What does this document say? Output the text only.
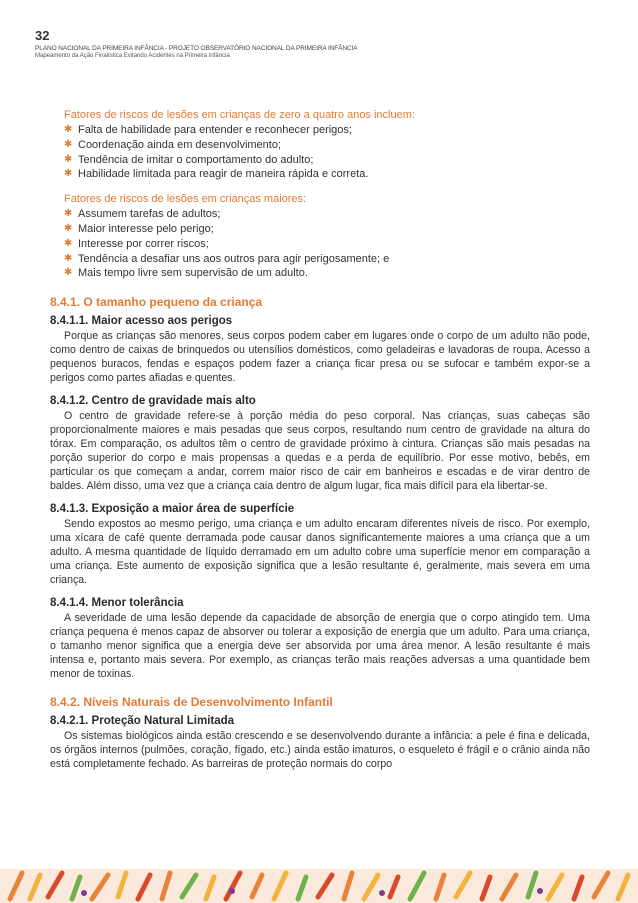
32
PLANO NACIONAL DA PRIMEIRA INFÂNCIA - PROJETO OBSERVATÓRIO NACIONAL DA PRIMEIRA INFÂNCIA
Mapeamento da Ação Finalística Evitando Acidentes na Primeira Infância

Fatores de riscos de lesões em crianças de zero a quatro anos incluem:

✱ Falta de habilidade para entender e reconhecer perigos;
✱ Coordenação ainda em desenvolvimento;
✱ Tendência de imitar o comportamento do adulto;
✱ Habilidade limitada para reagir de maneira rápida e correta.

Fatores de riscos de lesões em crianças maiores:

✱ Assumem tarefas de adultos;
✱ Maior interesse pelo perigo;
✱ Interesse por correr riscos;
✱ Tendência a desafiar uns aos outros para agir perigosamente; e
✱ Mais tempo livre sem supervisão de um adulto.
8.4.1. O tamanho pequeno da criança
8.4.1.1. Maior acesso aos perigos

Porque as crianças são menores, seus corpos podem caber em lugares onde o corpo de um adulto não pode, como dentro de caixas de brinquedos ou utensílios domésticos, como geladeiras e lavadoras de roupa. Acesso a pequenos buracos, fendas e espaços podem fazer a criança ficar presa ou se sufocar e também expor-se a perigos como partes afiadas e quentes.

8.4.1.2. Centro de gravidade mais alto

O centro de gravidade refere-se à porção média do peso corporal. Nas crianças, suas cabeças são proporcionalmente maiores e mais pesadas que seus corpos, resultando num centro de gravidade na altura do tórax. Em comparação, os adultos têm o centro de gravidade próximo à cintura. Crianças são mais pesadas na porção superior do corpo e mais propensas a quedas e a perda de equilíbrio. Por esse motivo, bebês, em particular os que começam a andar, correm maior risco de cair em banheiros e escadas e de virar dentro de baldes. Além disso, uma vez que a criança caia dentro de algum lugar, fica mais difícil para ela libertar-se.

8.4.1.3. Exposição a maior área de superfície

Sendo expostos ao mesmo perigo, uma criança e um adulto encaram diferentes níveis de risco. Por exemplo, uma xícara de café quente derramada pode causar danos significantemente maiores a uma criança que a um adulto. A mesma quantidade de líquido derramado em um adulto cobre uma superfície menor em comparação a uma criança. Este aumento de exposição significa que a lesão resultante é, geralmente, mais severa em uma criança.

8.4.1.4. Menor tolerância

A severidade de uma lesão depende da capacidade de absorção de energia que o corpo atingido tem. Uma criança pequena é menos capaz de absorver ou tolerar a exposição de energia que um adulto. Para uma criança, o tamanho menor significa que a energia deve ser absorvida por uma área menor. A lesão resultante é mais intensa e, portanto mais severa. Por exemplo, as crianças terão mais reações adversas a uma quantidade bem menor de toxinas.

8.4.2. Níveis Naturais de Desenvolvimento Infantil
8.4.2.1. Proteção Natural Limitada

Os sistemas biológicos ainda estão crescendo e se desenvolvendo durante a infância: a pele é fina e delicada, os órgãos internos (pulmões, coração, fígado, etc.) ainda estão imaturos, o esqueleto é frágil e o crânio ainda não está completamente fechado. As barreiras de proteção normais do corpo
